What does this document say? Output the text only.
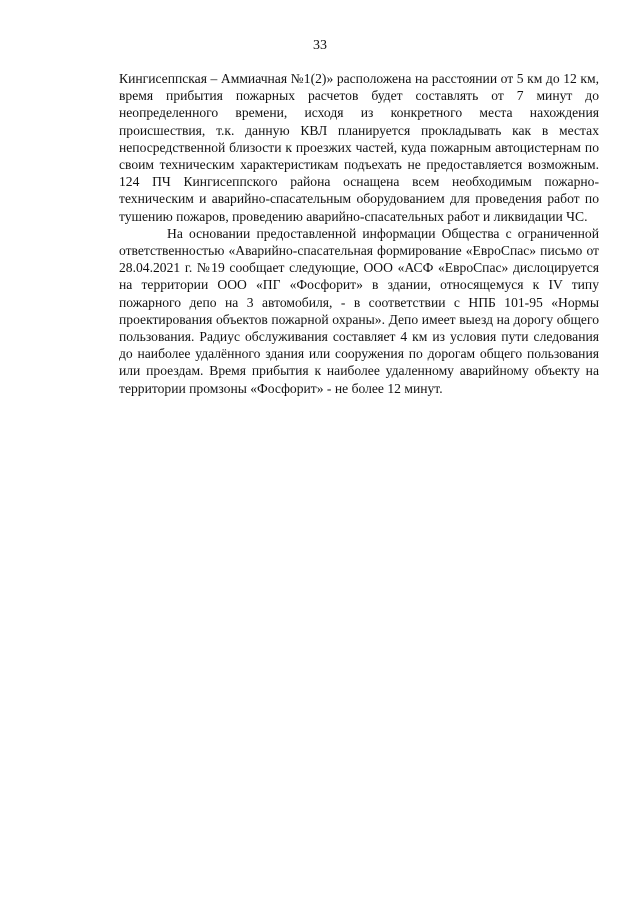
33

Кингисеппская – Аммиачная №1(2)» расположена на расстоянии от 5 км до 12 км, время прибытия пожарных расчетов будет составлять от 7 минут до неопределенного времени, исходя из конкретного места нахождения происшествия, т.к. данную КВЛ планируется прокладывать как в местах непосредственной близости к проезжих частей, куда пожарным автоцистернам по своим техническим характеристикам подъехать не предоставляется возможным. 124 ПЧ Кингисеппского района оснащена всем необходимым пожарно-техническим и аварийно-спасательным оборудованием для проведения работ по тушению пожаров, проведению аварийно-спасательных работ и ликвидации ЧС.

На основании предоставленной информации Общества с ограниченной ответственностью «Аварийно-спасательная формирование «ЕвроСпас» письмо от 28.04.2021 г. №19 сообщает следующие, ООО «АСФ «ЕвроСпас» дислоцируется на территории ООО «ПГ «Фосфорит» в здании, относящемуся к IV типу пожарного депо на 3 автомобиля, - в соответствии с НПБ 101-95 «Нормы проектирования объектов пожарной охраны». Депо имеет выезд на дорогу общего пользования. Радиус обслуживания составляет 4 км из условия пути следования до наиболее удалённого здания или сооружения по дорогам общего пользования или проездам. Время прибытия к наиболее удаленному аварийному объекту на территории промзоны «Фосфорит» - не более 12 минут.
